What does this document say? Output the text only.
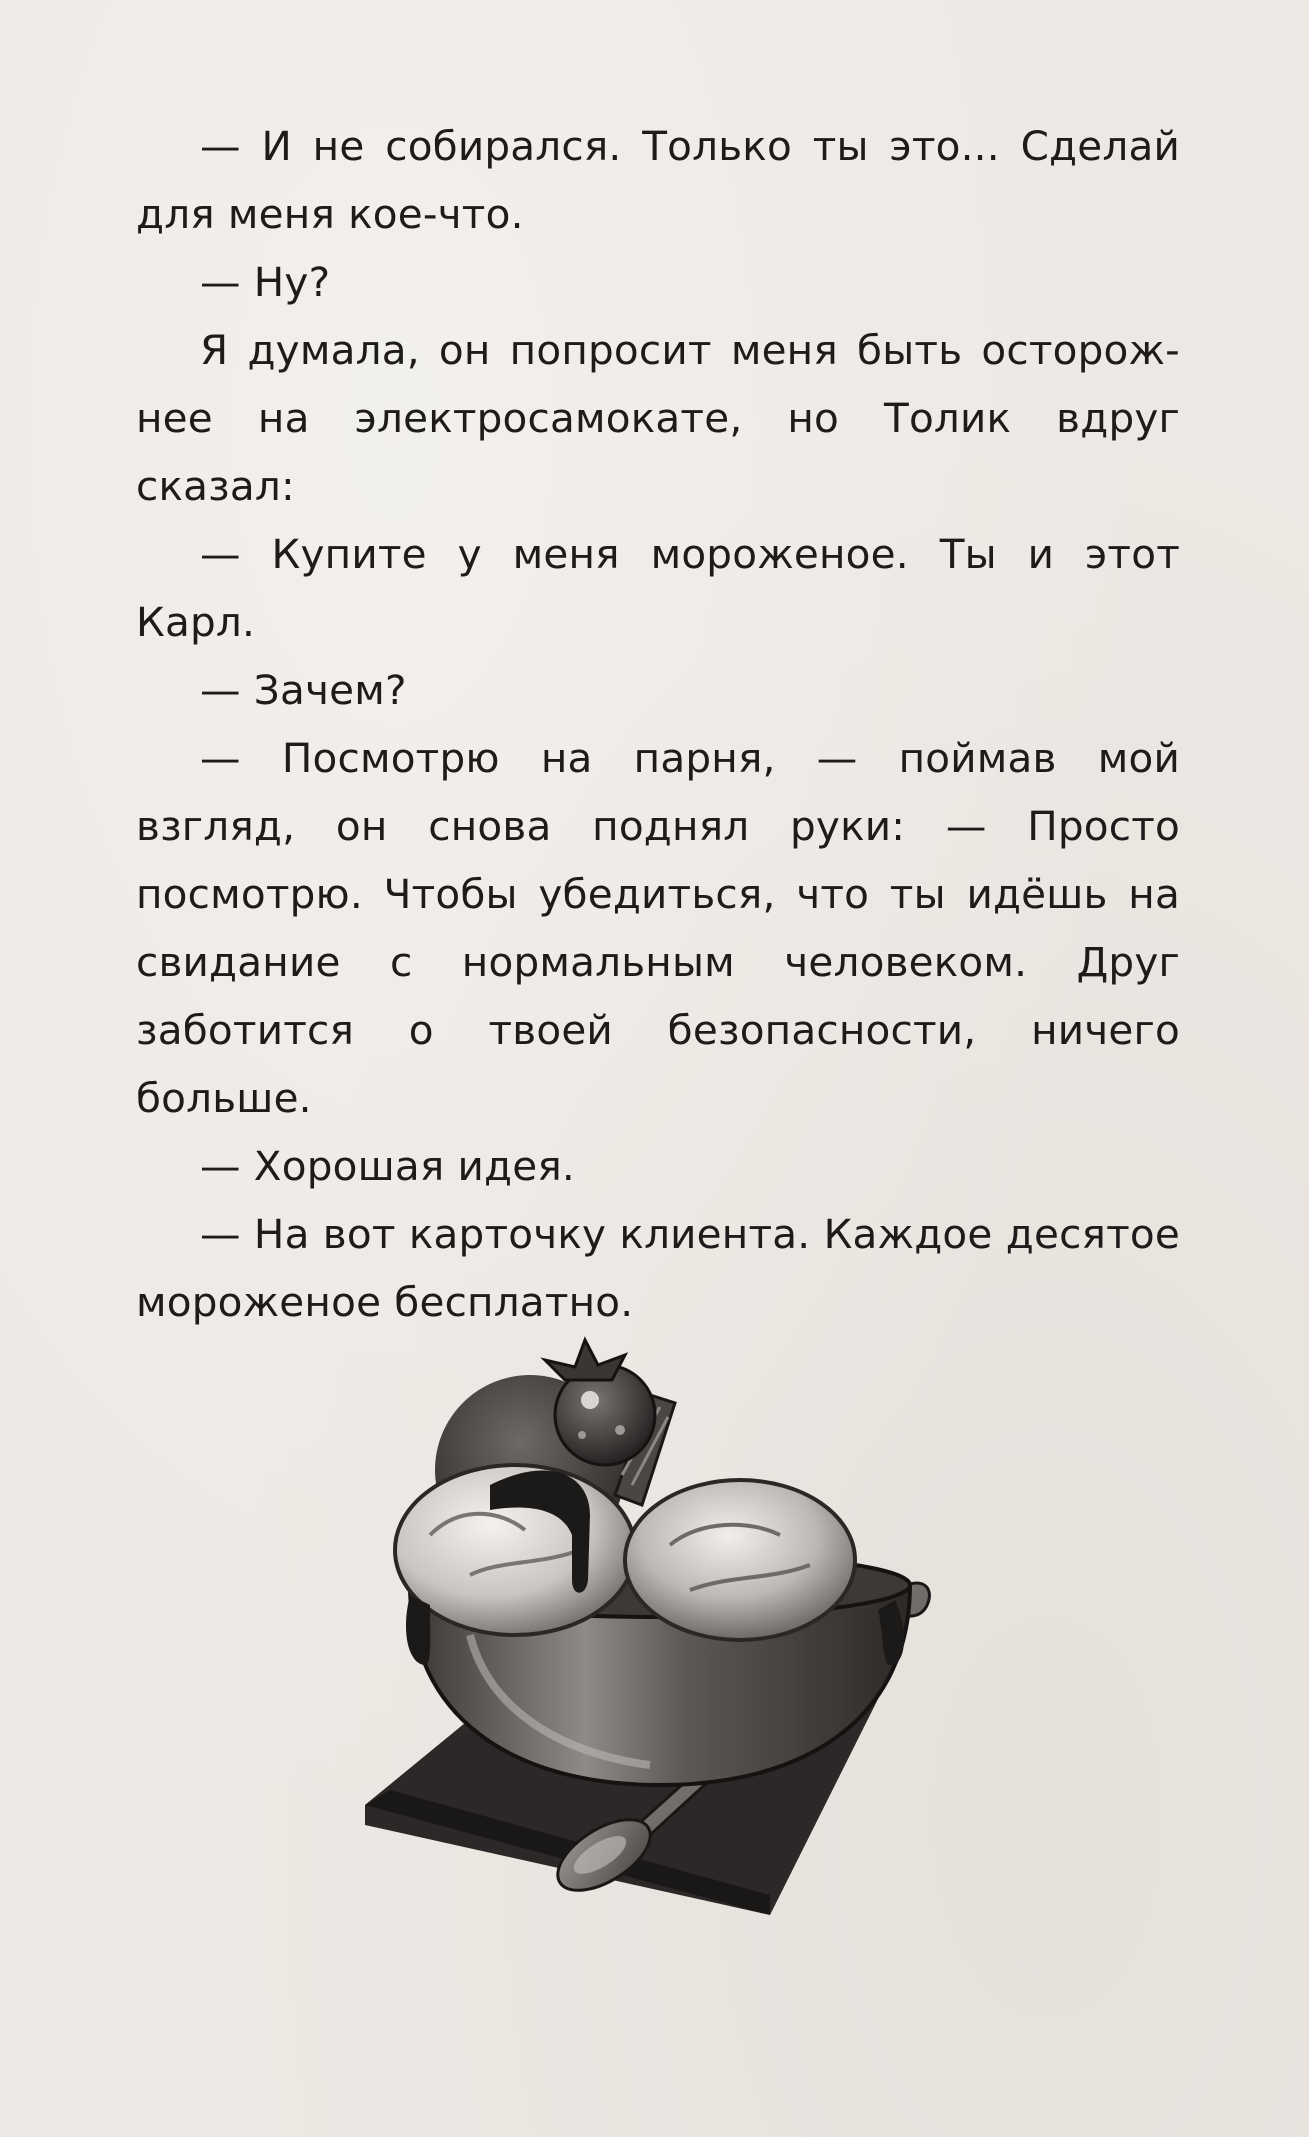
— И не собирался. Только ты это... Сделай для меня кое-что.

— Ну?

Я думала, он попросит меня быть осторож-нее на электросамокате, но Толик вдруг сказал:

— Купите у меня мороженое. Ты и этот Карл.

— Зачем?

— Посмотрю на парня, — поймав мой взгляд, он снова поднял руки: — Просто посмотрю. Чтобы убедиться, что ты идёшь на свидание с нормальным человеком. Друг заботится о твоей безопасности, ничего больше.

— Хорошая идея.

— На вот карточку клиента. Каждое десятое мороженое бесплатно.
